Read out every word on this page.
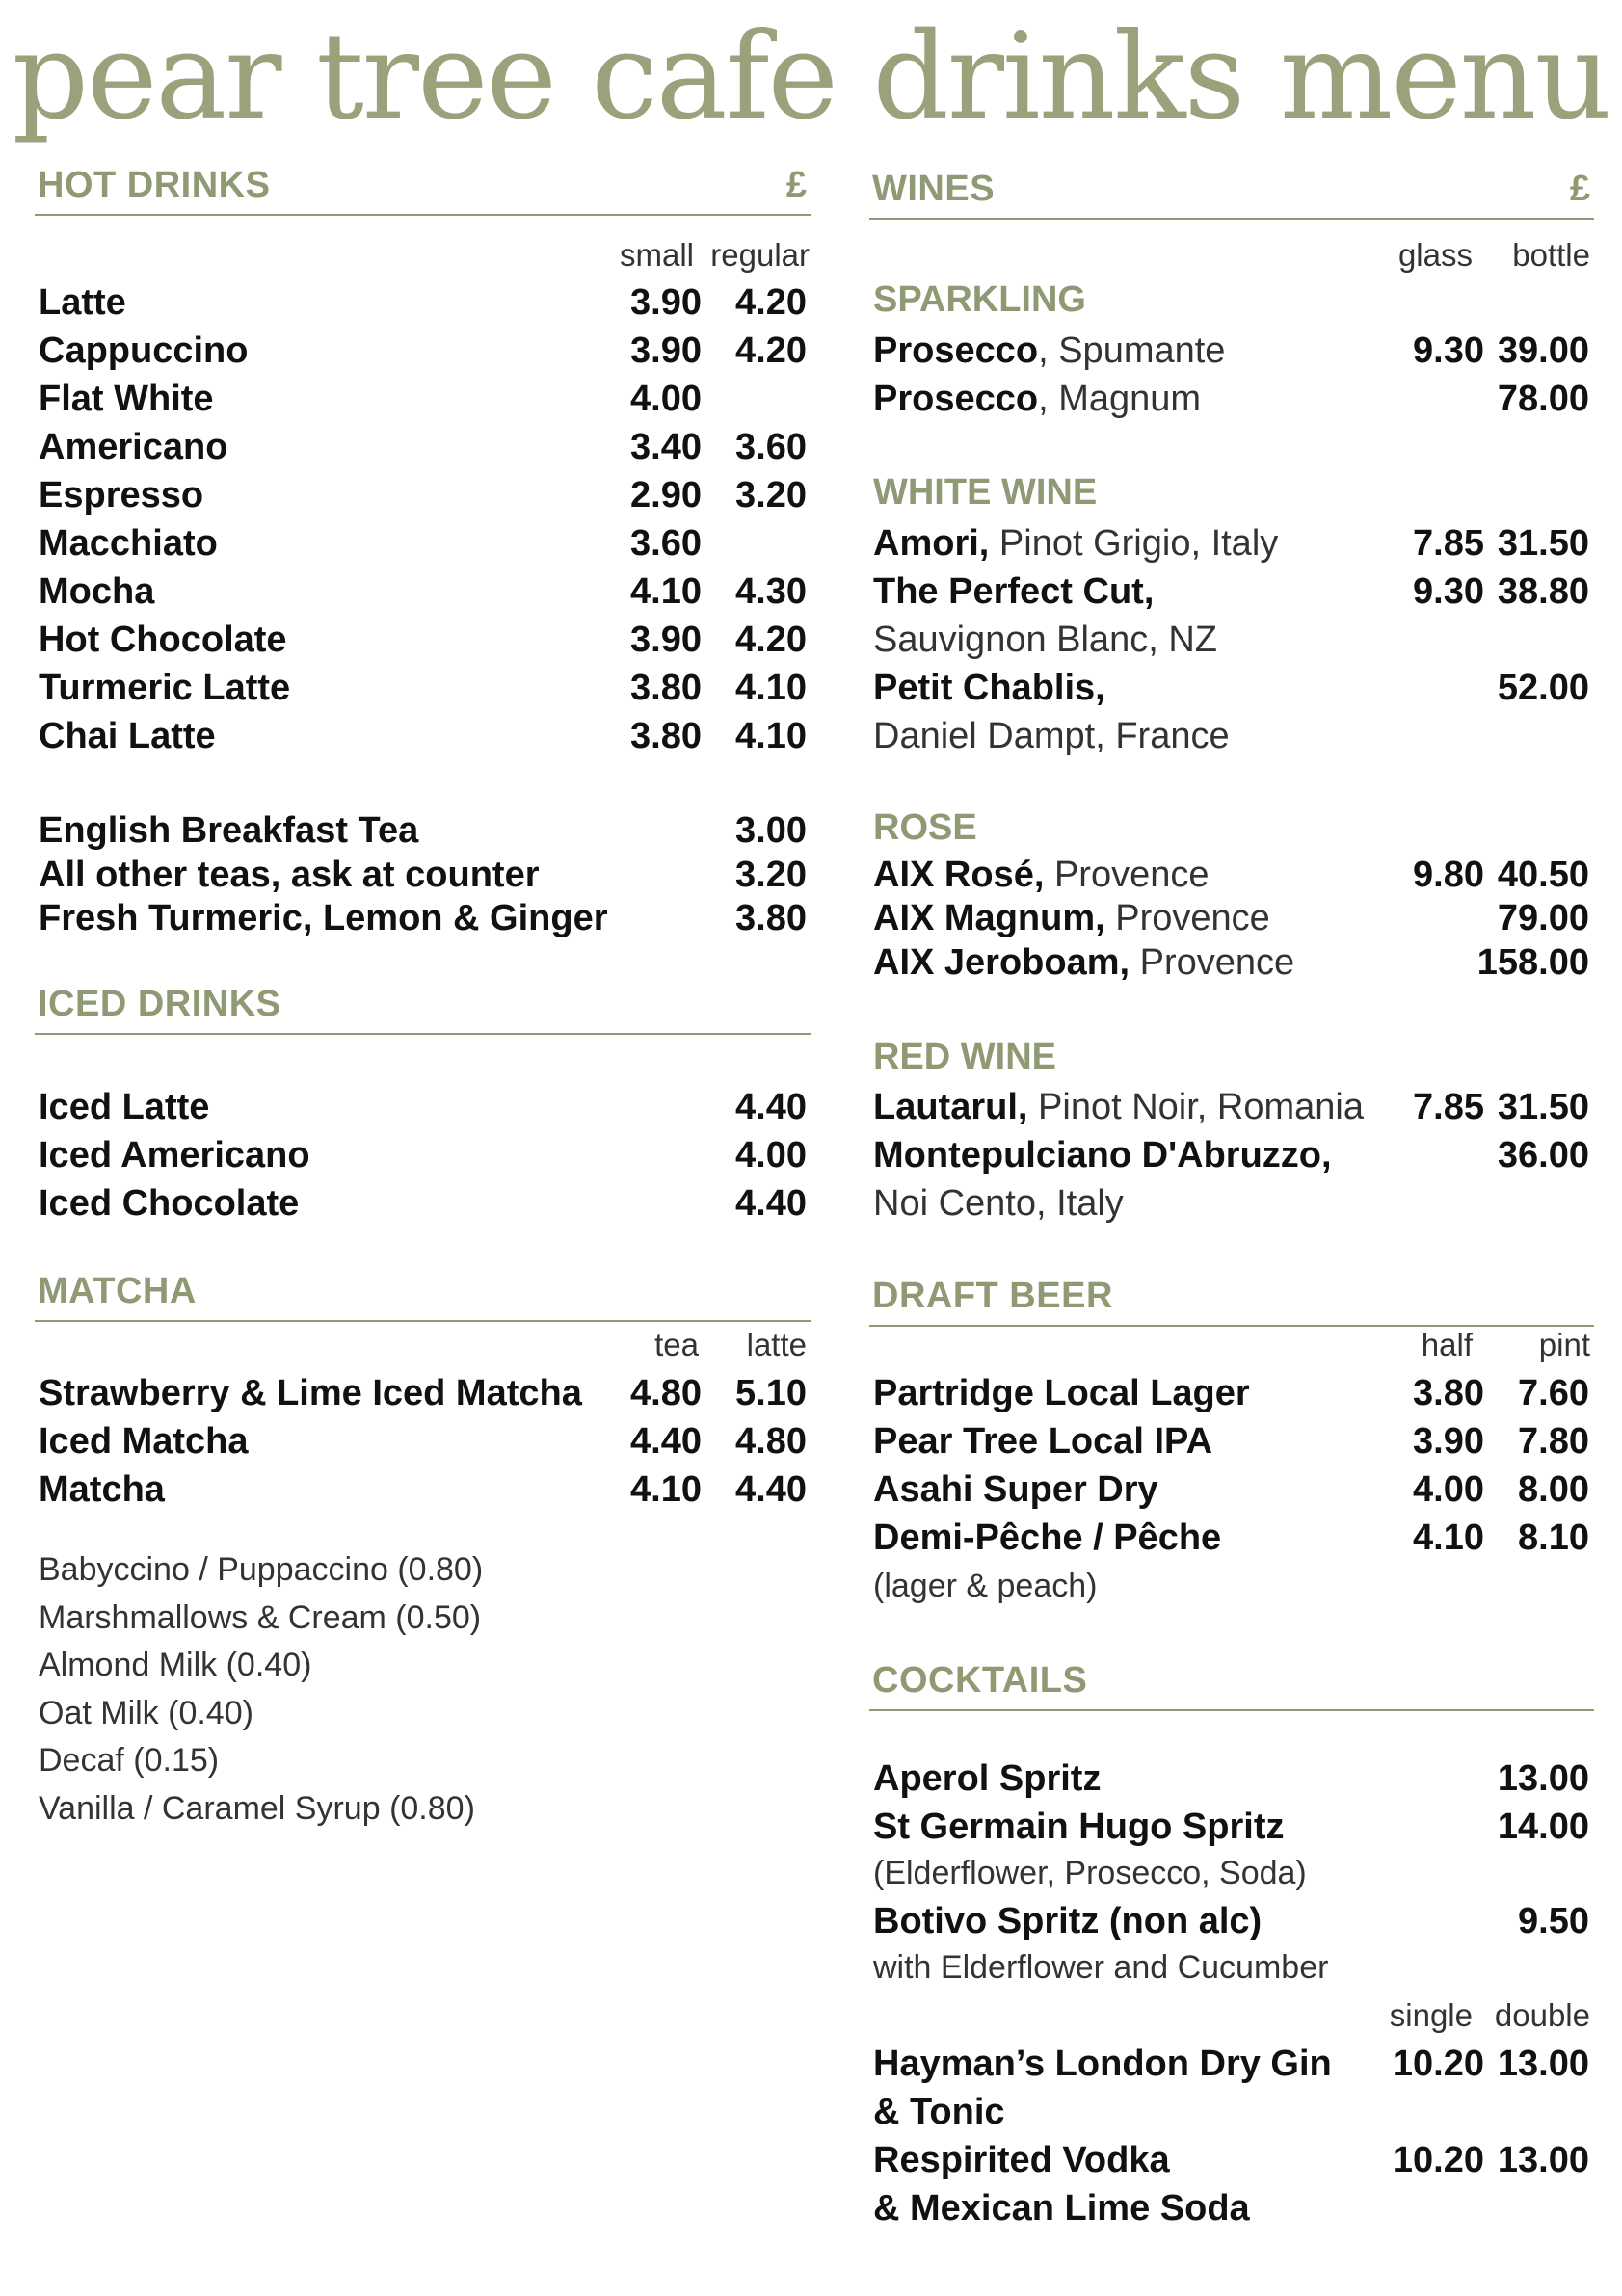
pear tree cafe drinks menu
HOT DRINKS	£
small regular
Latte	3.90 4.20
Cappuccino	3.90 4.20
Flat White	4.00
Americano	3.40 3.60
Espresso	2.90 3.20
Macchiato	3.60
Mocha	4.10 4.30
Hot Chocolate	3.90 4.20
Turmeric Latte	3.80 4.10
Chai Latte	3.80 4.10
English Breakfast Tea	3.00
All other teas, ask at counter	3.20
Fresh Turmeric, Lemon & Ginger	3.80
ICED DRINKS
Iced Latte	4.40
Iced Americano	4.00
Iced Chocolate	4.40
MATCHA
tea	latte
Strawberry & Lime Iced Matcha 4.80 5.10
Iced Matcha	4.40 4.80
Matcha	4.10 4.40
Babyccino / Puppaccino (0.80)
Marshmallows & Cream (0.50)
Almond Milk (0.40)
Oat Milk (0.40)
Decaf (0.15)
Vanilla / Caramel Syrup (0.80)
WINES	£
glass	bottle
SPARKLING
Prosecco, Spumante	9.30 39.00
Prosecco, Magnum	78.00
WHITE WINE
Amori, Pinot Grigio, Italy	7.85 31.50
The Perfect Cut,	9.30 38.80
Sauvignon Blanc, NZ
Petit Chablis,	52.00
Daniel Dampt, France
ROSE
AIX Rosé, Provence	9.80 40.50
AIX Magnum, Provence	79.00
AIX Jeroboam, Provence	158.00
RED WINE
Lautarul, Pinot Noir, Romania 7.85 31.50
Montepulciano D'Abruzzo,	36.00
Noi Cento, Italy
DRAFT BEER
half	pint
Partridge Local Lager	3.80 7.60
Pear Tree Local IPA	3.90 7.80
Asahi Super Dry	4.00 8.00
Demi-Pêche / Pêche	4.10 8.10
(lager & peach)
COCKTAILS
Aperol Spritz	13.00
St Germain Hugo Spritz	14.00
(Elderflower, Prosecco, Soda)
Botivo Spritz (non alc)	9.50
with Elderflower and Cucumber
single double
Hayman’s London Dry Gin 10.20 13.00
& Tonic
Respirited Vodka	10.20 13.00
& Mexican Lime Soda
